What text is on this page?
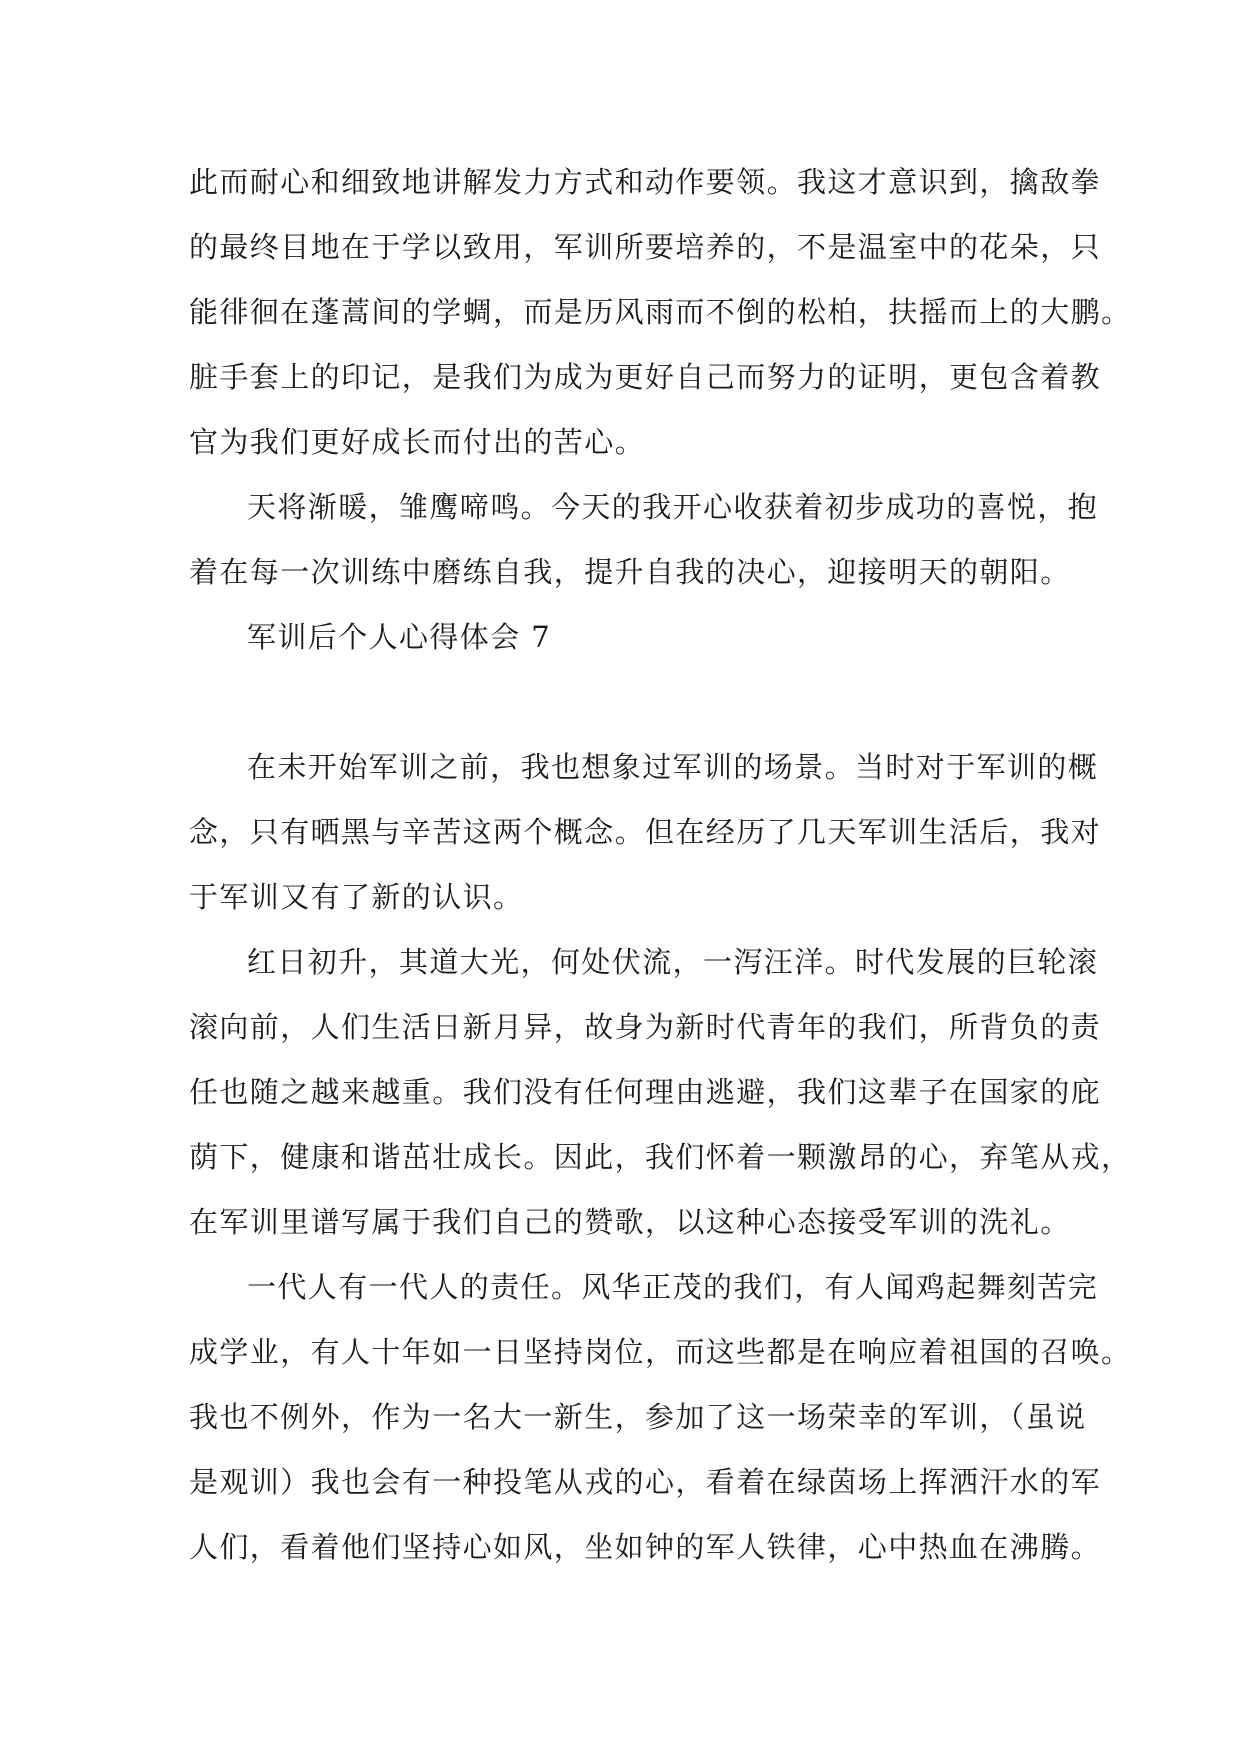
此而耐心和细致地讲解发力方式和动作要领。我这才意识到，擒敌拳
的最终目地在于学以致用，军训所要培养的，不是温室中的花朵，只
能徘徊在蓬蒿间的学蜩，而是历风雨而不倒的松柏，扶摇而上的大鹏。
脏手套上的印记，是我们为成为更好自己而努力的证明，更包含着教
官为我们更好成长而付出的苦心。
天将渐暖，雏鹰啼鸣。今天的我开心收获着初步成功的喜悦，抱
着在每一次训练中磨练自我，提升自我的决心，迎接明天的朝阳。
军训后个人心得体会 7
在未开始军训之前，我也想象过军训的场景。当时对于军训的概
念，只有晒黑与辛苦这两个概念。但在经历了几天军训生活后，我对
于军训又有了新的认识。
红日初升，其道大光，何处伏流，一泻汪洋。时代发展的巨轮滚
滚向前，人们生活日新月异，故身为新时代青年的我们，所背负的责
任也随之越来越重。我们没有任何理由逃避，我们这辈子在国家的庇
荫下，健康和谐茁壮成长。因此，我们怀着一颗激昂的心，弃笔从戎，
在军训里谱写属于我们自己的赞歌，以这种心态接受军训的洗礼。
一代人有一代人的责任。风华正茂的我们，有人闻鸡起舞刻苦完
成学业，有人十年如一日坚持岗位，而这些都是在响应着祖国的召唤。
我也不例外，作为一名大一新生，参加了这一场荣幸的军训，（虽说
是观训）我也会有一种投笔从戎的心，看着在绿茵场上挥洒汗水的军
人们，看着他们坚持心如风，坐如钟的军人铁律，心中热血在沸腾。
